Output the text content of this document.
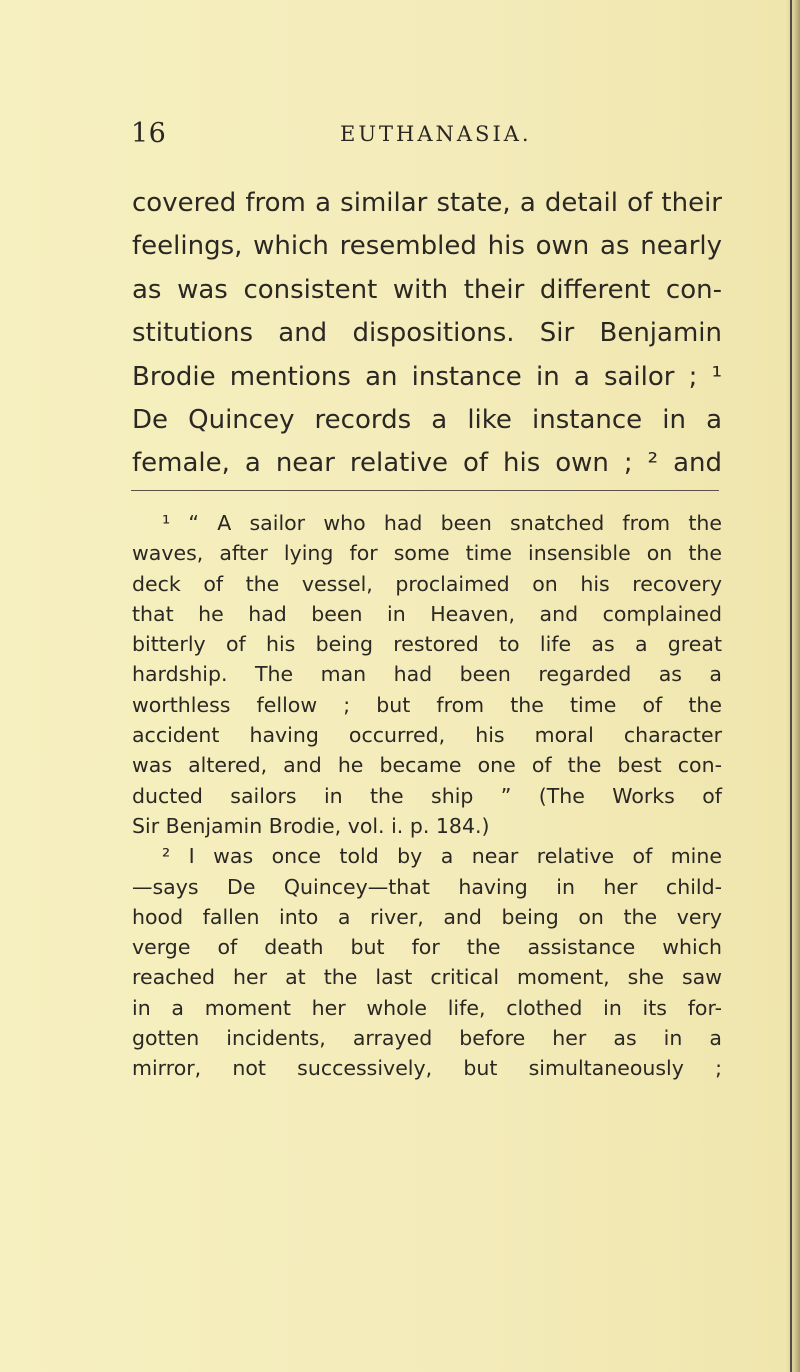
16	EUTHANASIA.
covered from a similar state, a detail of their
feelings, which resembled his own as nearly
as was consistent with their different con-
stitutions and dispositions. Sir Benjamin
Brodie mentions an instance in a sailor ; ¹
De Quincey records a like instance in a
female, a near relative of his own ; ² and
¹ “ A sailor who had been snatched from the
waves, after lying for some time insensible on the
deck of the vessel, proclaimed on his recovery
that he had been in Heaven, and complained
bitterly of his being restored to life as a great
hardship. The man had been regarded as a
worthless fellow ; but from the time of the
accident having occurred, his moral character
was altered, and he became one of the best con-
ducted sailors in the ship ” (The Works of
Sir Benjamin Brodie, vol. i. p. 184.)
² I was once told by a near relative of mine
—says De Quincey—that having in her child-
hood fallen into a river, and being on the very
verge of death but for the assistance which
reached her at the last critical moment, she saw
in a moment her whole life, clothed in its for-
gotten incidents, arrayed before her as in a
mirror, not successively, but simultaneously ;
